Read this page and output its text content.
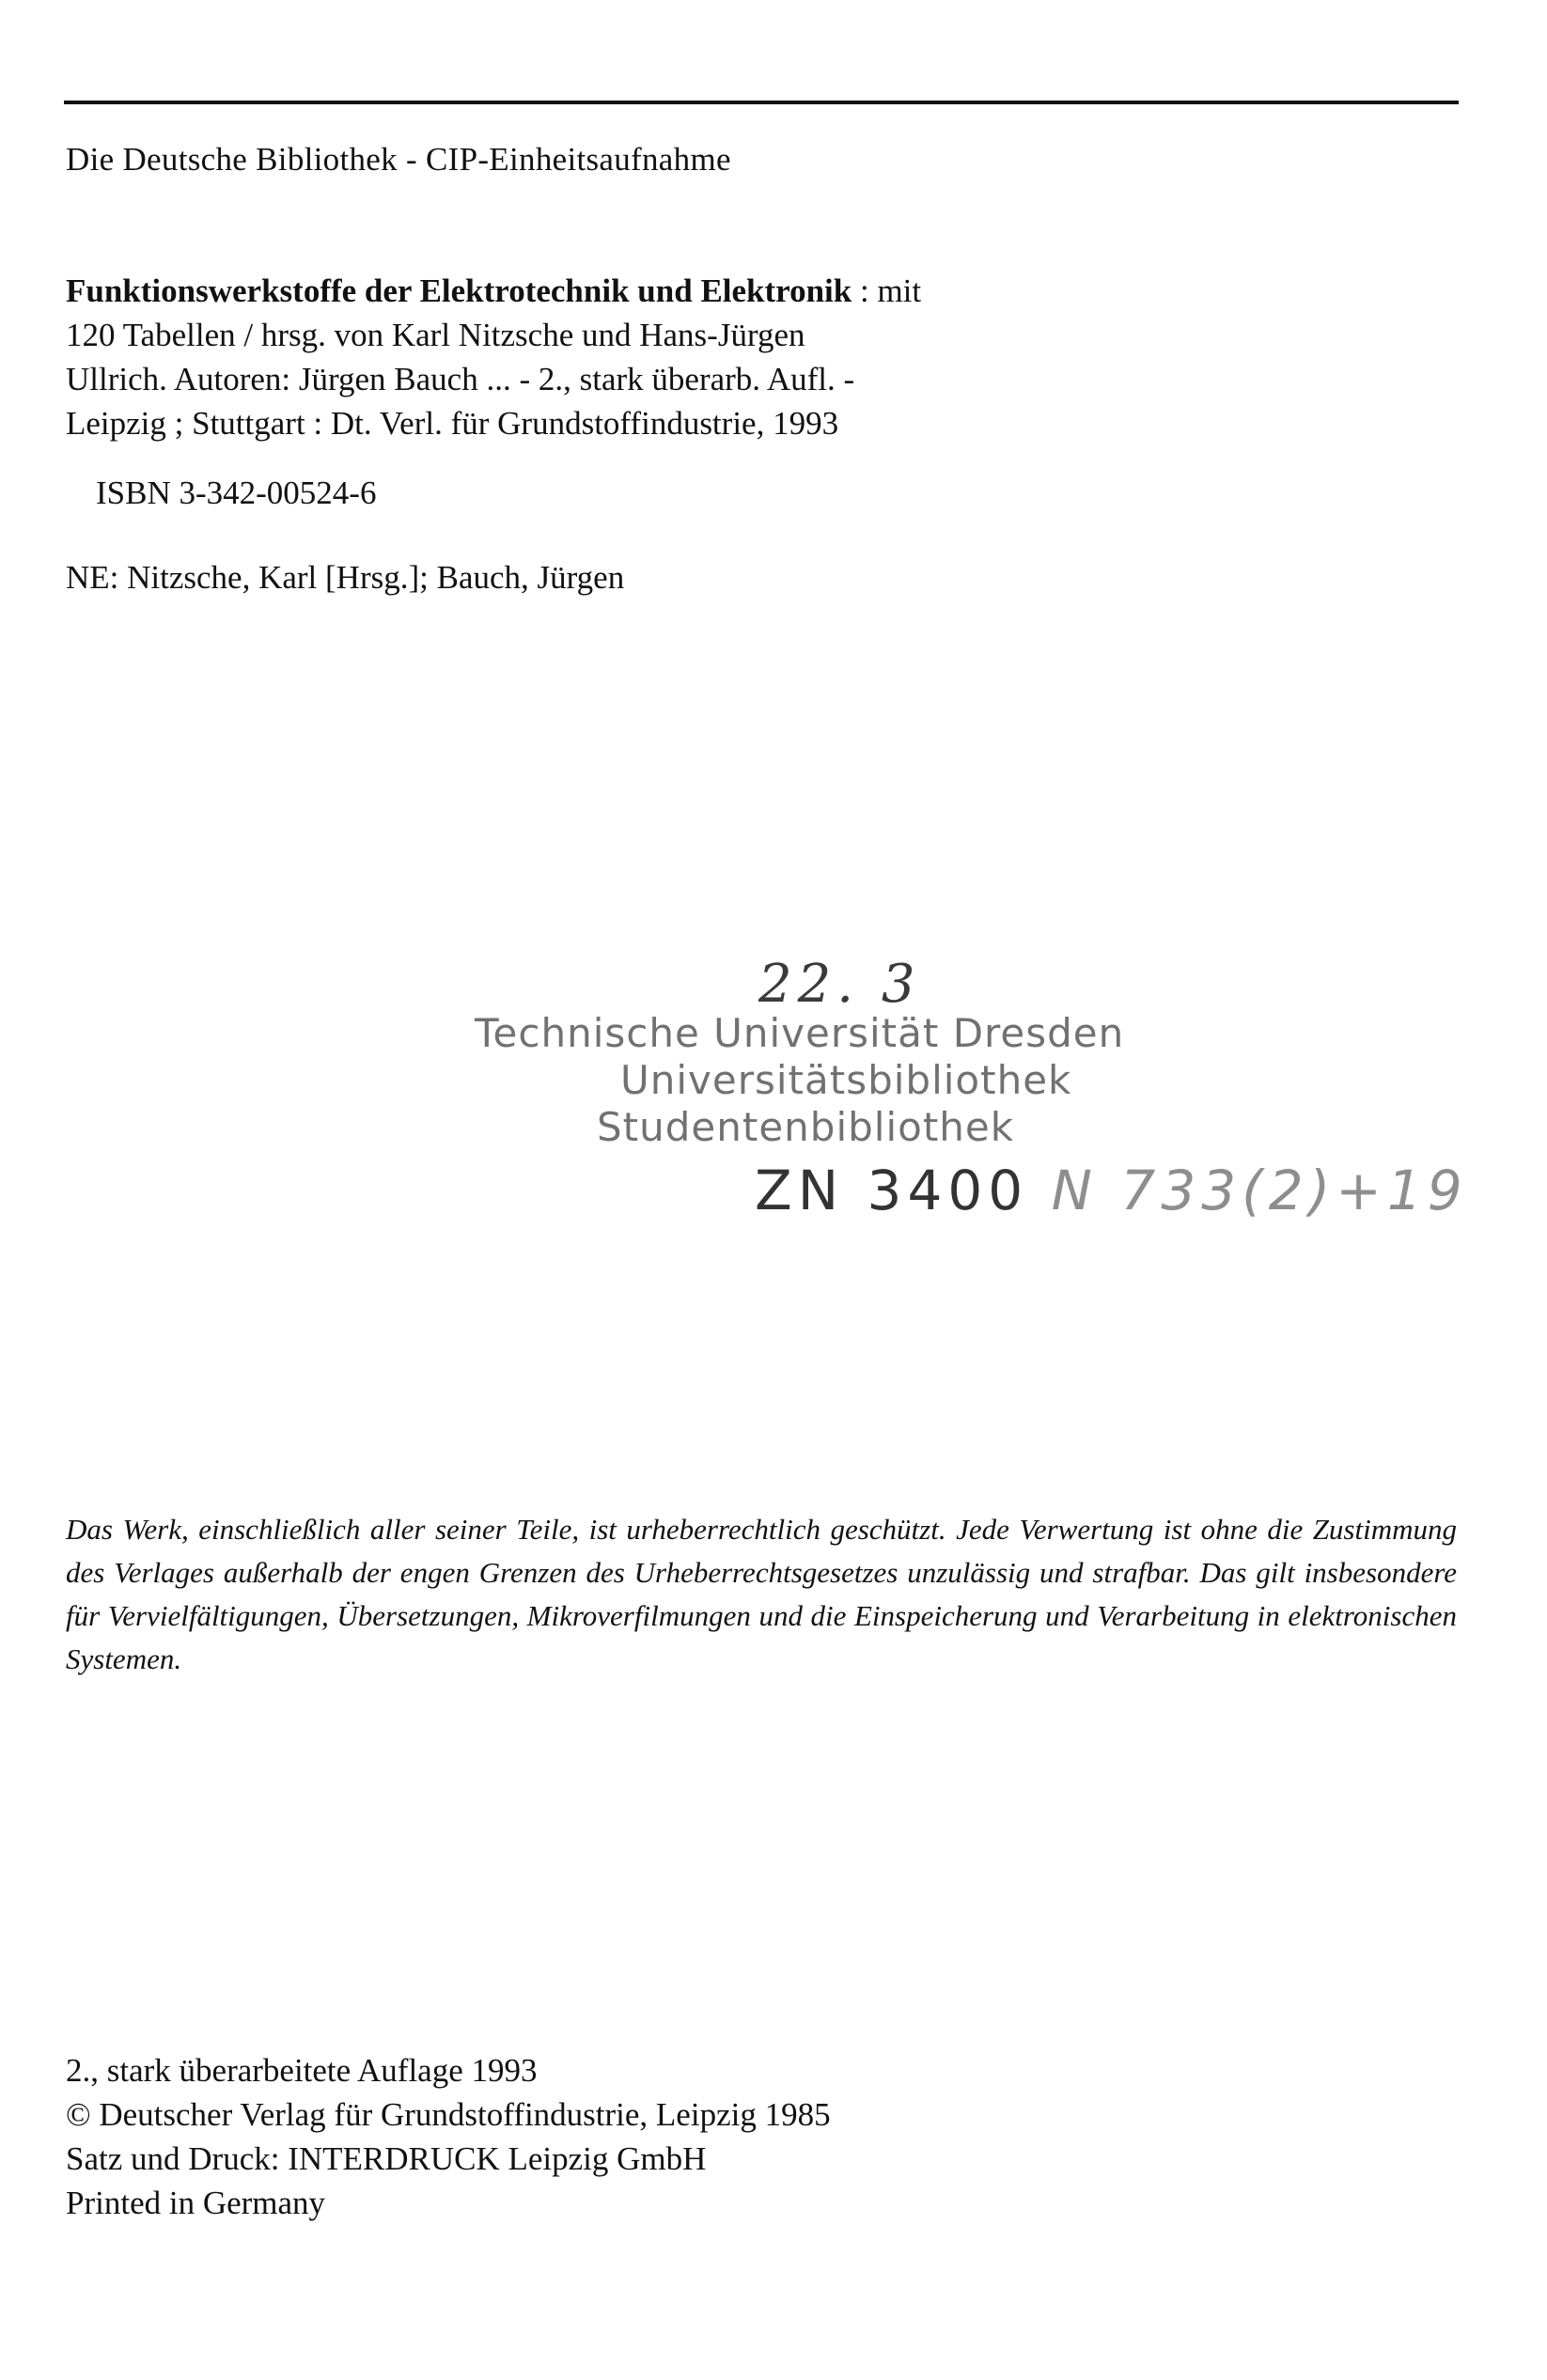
Die Deutsche Bibliothek - CIP-Einheitsaufnahme
Funktionswerkstoffe der Elektrotechnik und Elektronik : mit
120 Tabellen / hrsg. von Karl Nitzsche und Hans-Jürgen
Ullrich. Autoren: Jürgen Bauch ... - 2., stark überarb. Aufl. -
Leipzig ; Stuttgart : Dt. Verl. für Grundstoffindustrie, 1993
ISBN 3-342-00524-6
NE: Nitzsche, Karl [Hrsg.]; Bauch, Jürgen
22. 3
Technische Universität Dresden
Universitätsbibliothek
Studentenbibliothek
ZN 3400 N 733(2)+19
Das Werk, einschließlich aller seiner Teile, ist urheberrechtlich geschützt. Jede Verwertung ist ohne die Zustimmung des Verlages außerhalb der engen Grenzen des Urheberrechtsgesetzes unzulässig und strafbar. Das gilt insbesondere für Vervielfältigungen, Übersetzungen, Mikroverfilmungen und die Einspeicherung und Verarbeitung in elektronischen Systemen.
2., stark überarbeitete Auflage 1993
© Deutscher Verlag für Grundstoffindustrie, Leipzig 1985
Satz und Druck: INTERDRUCK Leipzig GmbH
Printed in Germany
